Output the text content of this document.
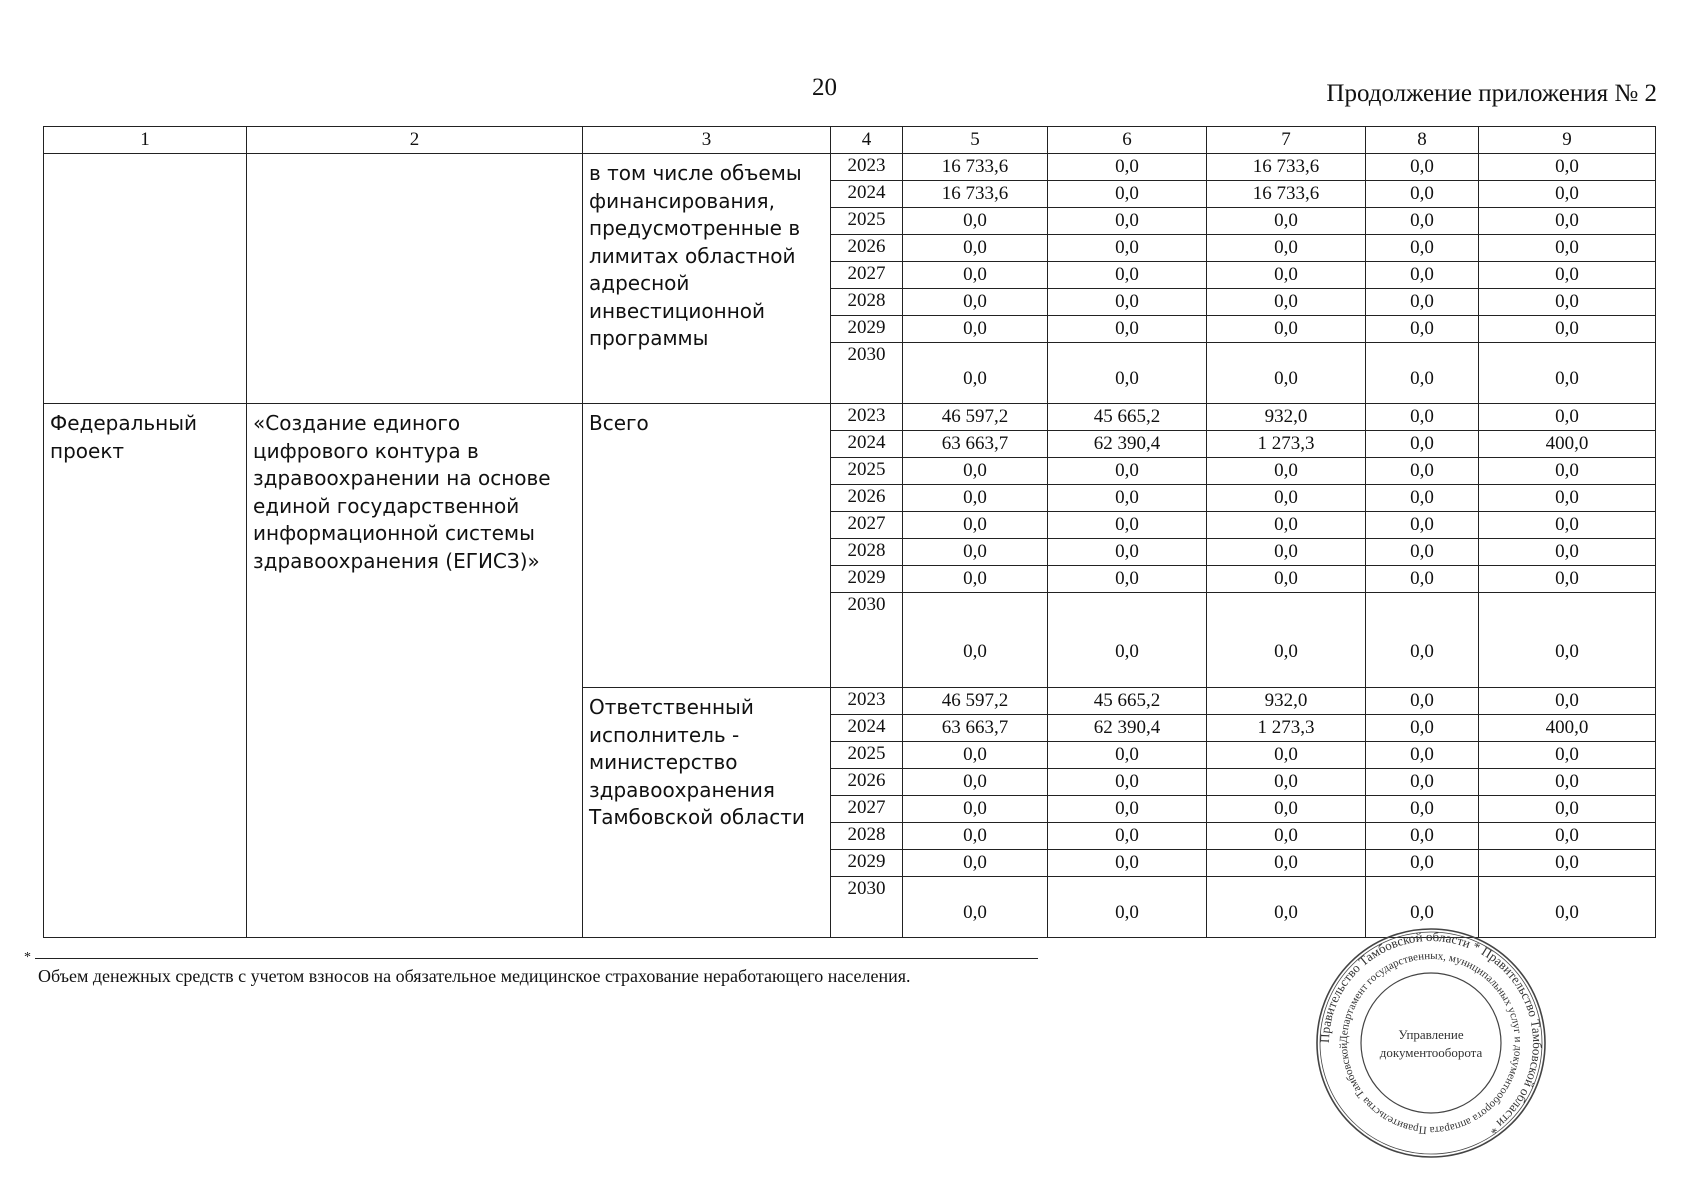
20	Продолжение приложения № 2
1	2	3	4	5	6	7	8	9
		в том числе объемы финансирования, предусмотренные в лимитах областной адресной инвестиционной программы	2023	16 733,6	0,0	16 733,6	0,0	0,0
			2024	16 733,6	0,0	16 733,6	0,0	0,0
			2025	0,0	0,0	0,0	0,0	0,0
			2026	0,0	0,0	0,0	0,0	0,0
			2027	0,0	0,0	0,0	0,0	0,0
			2028	0,0	0,0	0,0	0,0	0,0
			2029	0,0	0,0	0,0	0,0	0,0
			2030	0,0	0,0	0,0	0,0	0,0
Федеральный проект	«Создание единого цифрового контура в здравоохранении на основе единой государственной информационной системы здравоохранения (ЕГИСЗ)»	Всего	2023	46 597,2	45 665,2	932,0	0,0	0,0
			2024	63 663,7	62 390,4	1 273,3	0,0	400,0
			2025	0,0	0,0	0,0	0,0	0,0
			2026	0,0	0,0	0,0	0,0	0,0
			2027	0,0	0,0	0,0	0,0	0,0
			2028	0,0	0,0	0,0	0,0	0,0
			2029	0,0	0,0	0,0	0,0	0,0
			2030	0,0	0,0	0,0	0,0	0,0
		Ответственный исполнитель - министерство здравоохранения Тамбовской области	2023	46 597,2	45 665,2	932,0	0,0	0,0
			2024	63 663,7	62 390,4	1 273,3	0,0	400,0
			2025	0,0	0,0	0,0	0,0	0,0
			2026	0,0	0,0	0,0	0,0	0,0
			2027	0,0	0,0	0,0	0,0	0,0
			2028	0,0	0,0	0,0	0,0	0,0
			2029	0,0	0,0	0,0	0,0	0,0
			2030	0,0	0,0	0,0	0,0	0,0
*
Объем денежных средств с учетом взносов на обязательное медицинское страхование неработающего населения.
Правительство Тамбовской области * Правительство Тамбовской области *
Департамент государственных, муниципальных услуг и документооборота аппарата Правительства Тамбовской
Управление
документооборота
